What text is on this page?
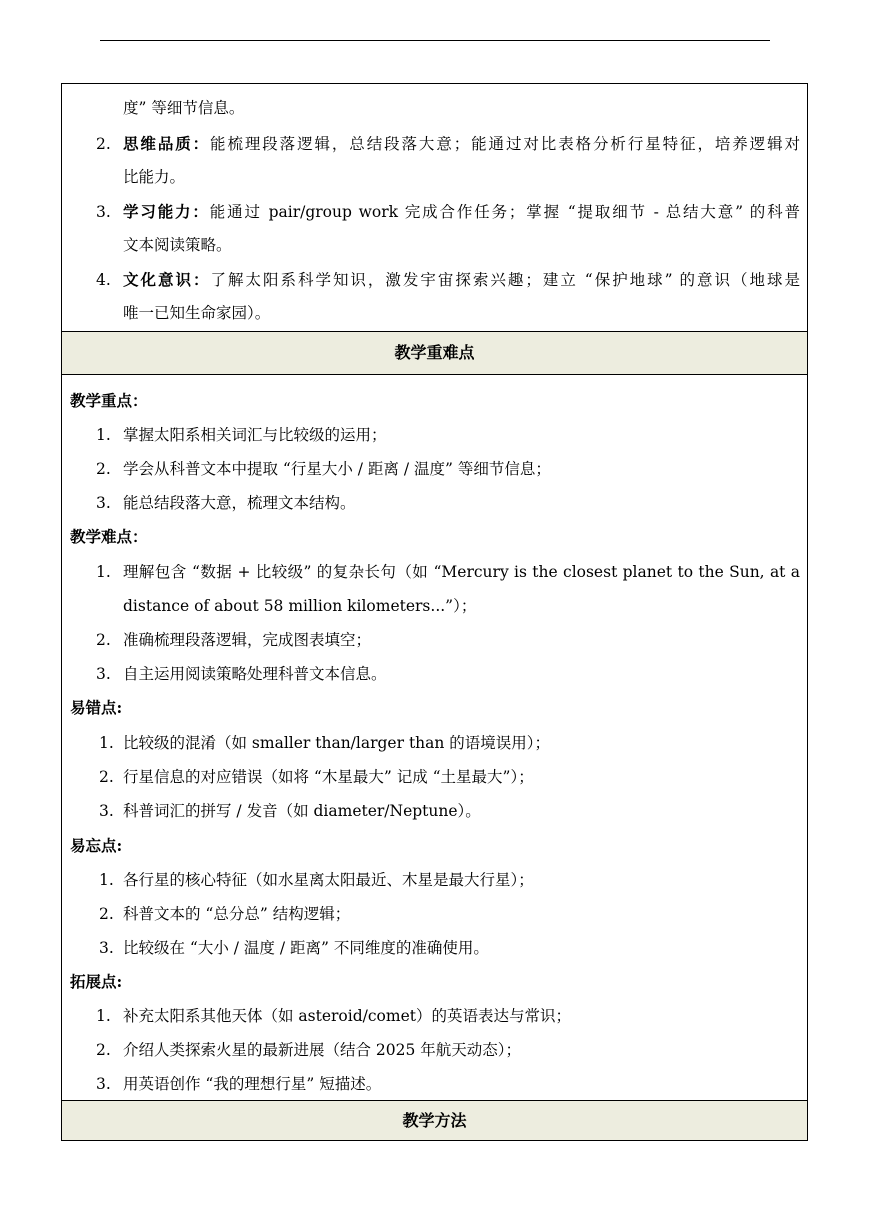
度” 等细节信息。
2. 思维品质：能梳理段落逻辑，总结段落大意；能通过对比表格分析行星特征，培养逻辑对
比能力。
3. 学习能力：能通过 pair/group work 完成合作任务；掌握 “提取细节 - 总结大意” 的科普
文本阅读策略。
4. 文化意识：了解太阳系科学知识，激发宇宙探索兴趣；建立 “保护地球” 的意识（地球是
唯一已知生命家园）。
教学重难点
教学重点：
1. 掌握太阳系相关词汇与比较级的运用；
2. 学会从科普文本中提取 “行星大小 / 距离 / 温度” 等细节信息；
3. 能总结段落大意，梳理文本结构。
教学难点：
1. 理解包含 “数据 + 比较级” 的复杂长句（如 “Mercury is the closest planet to the Sun, at a
distance of about 58 million kilometers...”）；
2. 准确梳理段落逻辑，完成图表填空；
3. 自主运用阅读策略处理科普文本信息。
易错点:
1. 比较级的混淆（如 smaller than/larger than 的语境误用）；
2. 行星信息的对应错误（如将 “木星最大” 记成 “土星最大”）；
3. 科普词汇的拼写 / 发音（如 diameter/Neptune）。
易忘点:
1. 各行星的核心特征（如水星离太阳最近、木星是最大行星）；
2. 科普文本的 “总分总” 结构逻辑；
3. 比较级在 “大小 / 温度 / 距离” 不同维度的准确使用。
拓展点:
1. 补充太阳系其他天体（如 asteroid/comet）的英语表达与常识；
2. 介绍人类探索火星的最新进展（结合 2025 年航天动态）；
3. 用英语创作 “我的理想行星” 短描述。
教学方法
